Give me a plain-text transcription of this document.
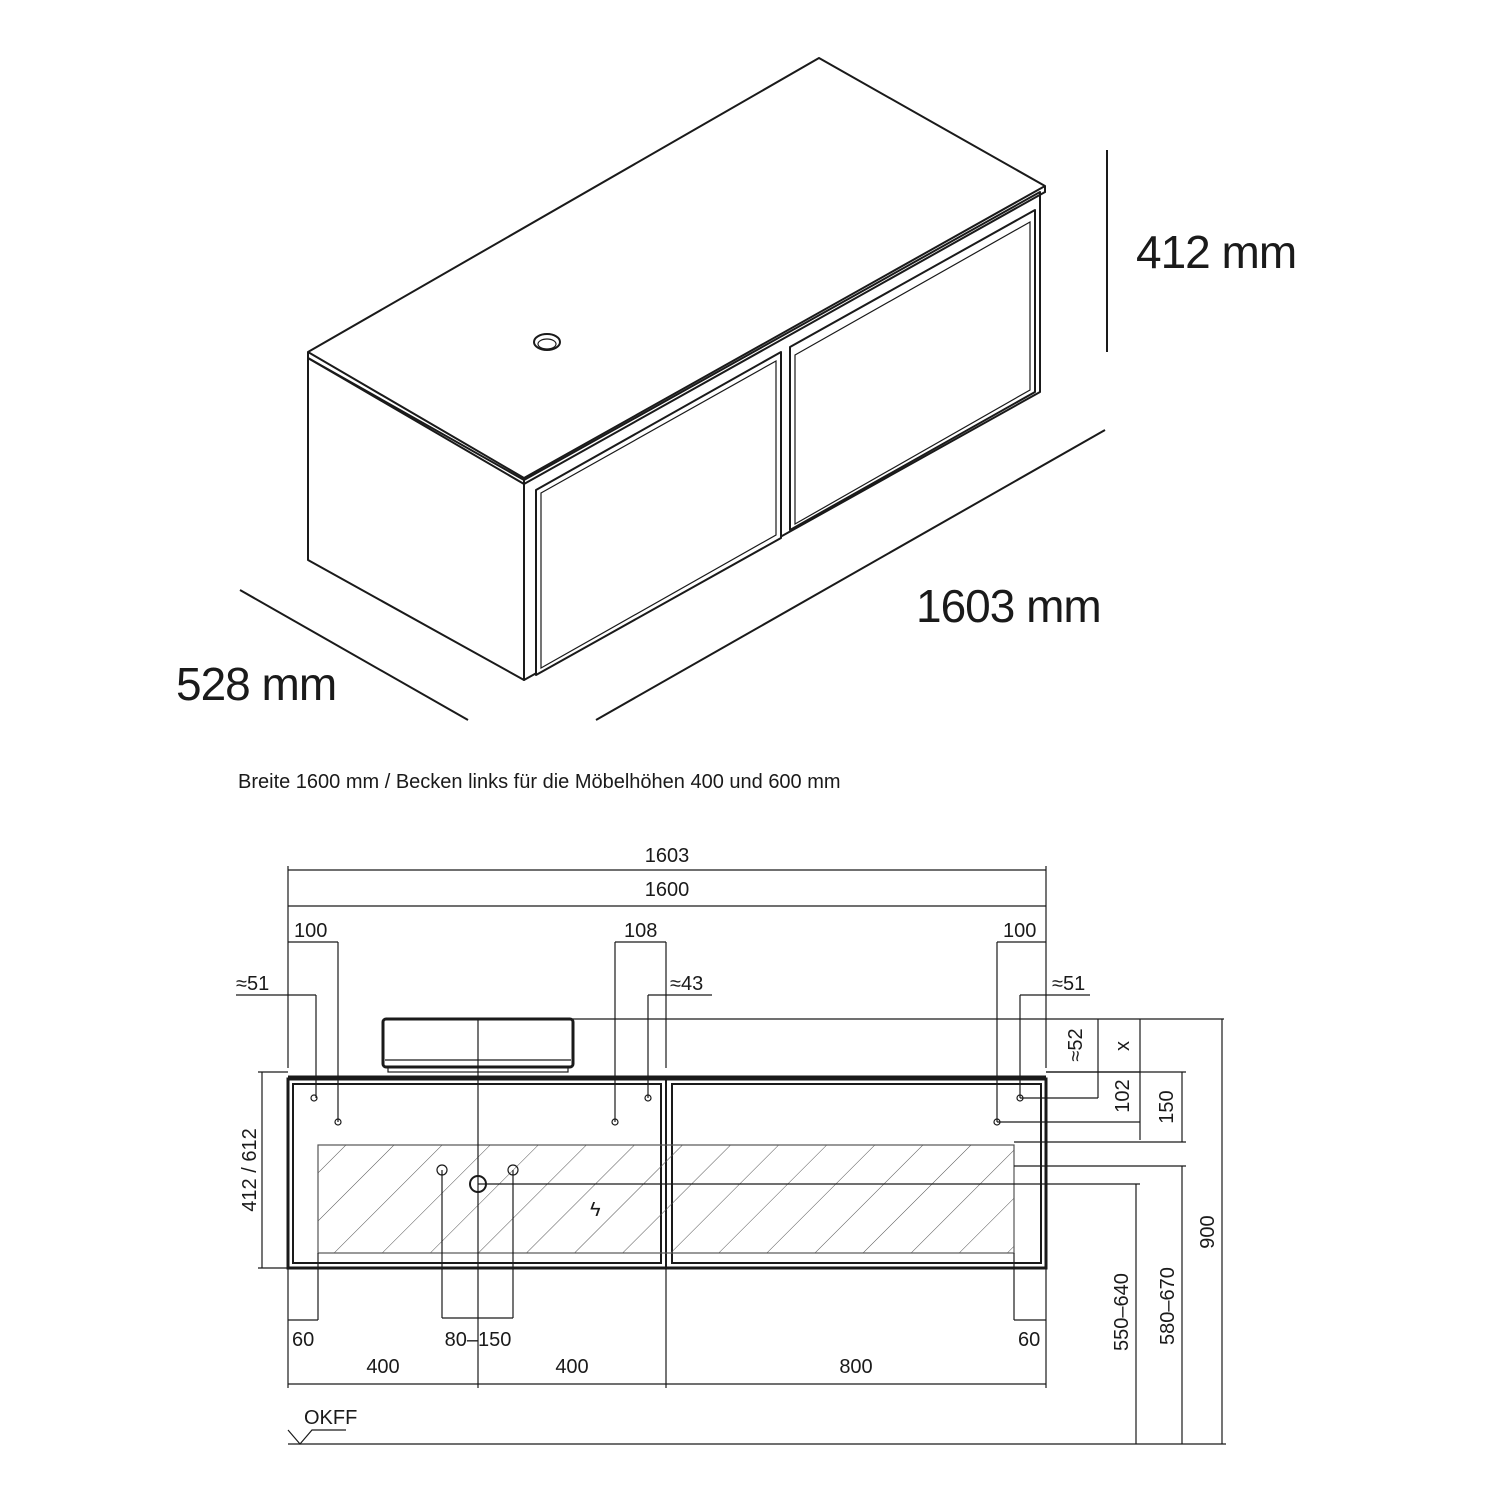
412 mm
1603 mm
528 mm
Breite 1600 mm / Becken links für die Möbelhöhen 400 und 600 mm
1603
1600
100	108	100
≈51	≈43	≈51
ϟ
80–150
60	60
400	400	800
412 / 612
≈52 x
102 150
550–640 580–670
900
OKFF
